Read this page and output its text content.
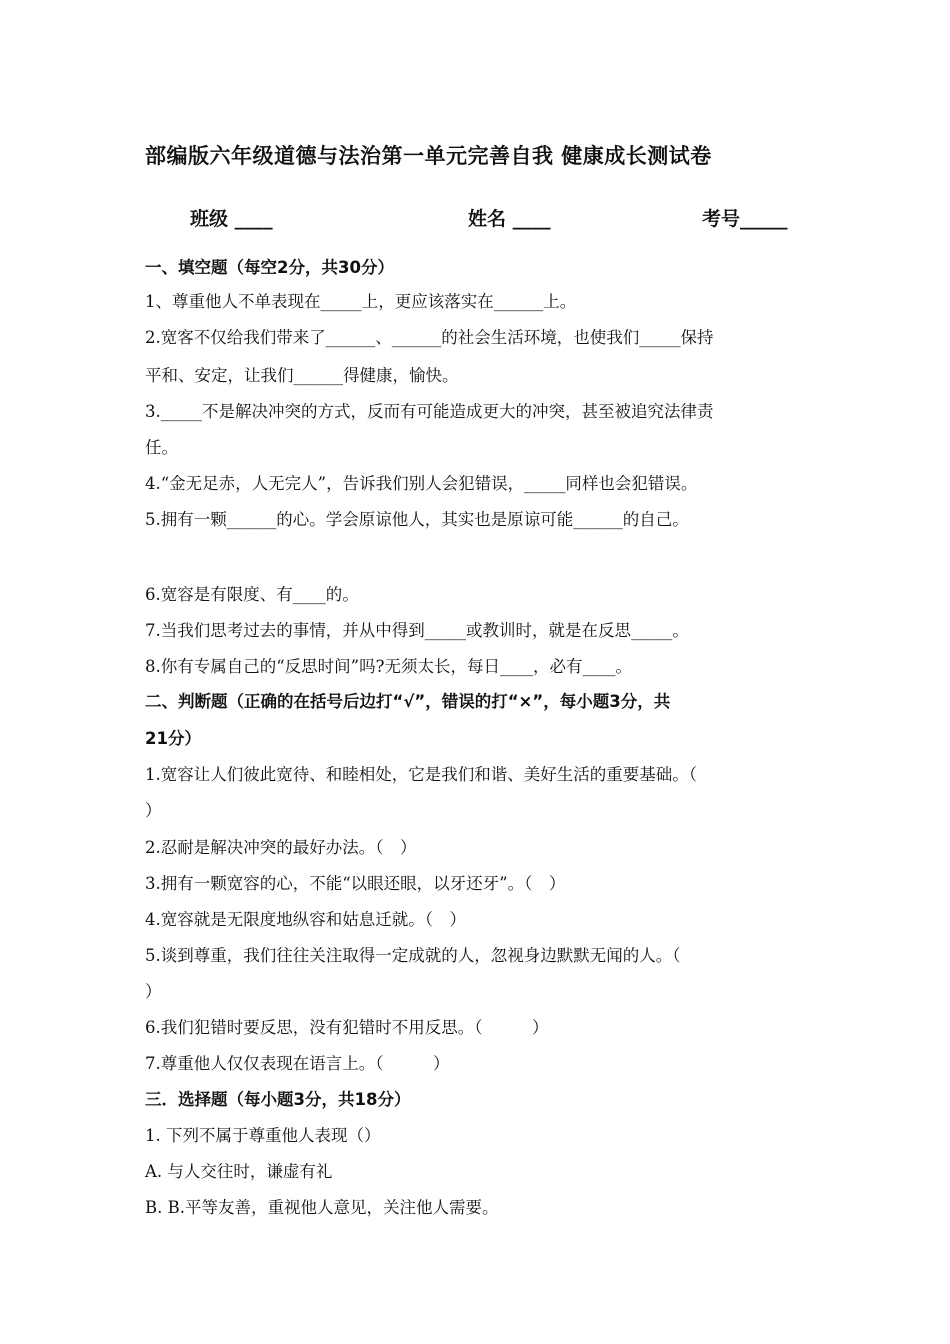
部编版六年级道德与法治第一单元完善自我 健康成长测试卷
班级 ____	姓名 ____	考号_____
一、填空题（每空2分，共30分）
1、尊重他人不单表现在_____上，更应该落实在______上。
2.宽客不仅给我们带来了______、______的社会生活环境，也使我们_____保持
平和、安定，让我们______得健康，愉快。
3._____不是解决冲突的方式，反而有可能造成更大的冲突，甚至被追究法律责
任。
4.“金无足赤，人无完人”，告诉我们别人会犯错误，_____同样也会犯错误。
5.拥有一颗______的心。学会原谅他人，其实也是原谅可能______的自己。
6.宽容是有限度、有____的。
7.当我们思考过去的事情，并从中得到_____或教训时，就是在反思_____。
8.你有专属自己的“反思时间”吗?无须太长，每日____，必有____。
二、判断题（正确的在括号后边打“√”，错误的打“×”，每小题3分，共
21分）
1.宽容让人们彼此宽待、和睦相处，它是我们和谐、美好生活的重要基础。（
）
2.忍耐是解决冲突的最好办法。（　）
3.拥有一颗宽容的心，不能“以眼还眼，以牙还牙”。（　）
4.宽容就是无限度地纵容和姑息迁就。（　）
5.谈到尊重，我们往往关注取得一定成就的人，忽视身边默默无闻的人。（
）
6.我们犯错时要反思，没有犯错时不用反思。（　　　）
7.尊重他人仅仅表现在语言上。（　　　）
三．选择题（每小题3分，共18分）
1. 下列不属于尊重他人表现（）
A. 与人交往时，谦虚有礼
B. B.平等友善，重视他人意见，关注他人需要。
